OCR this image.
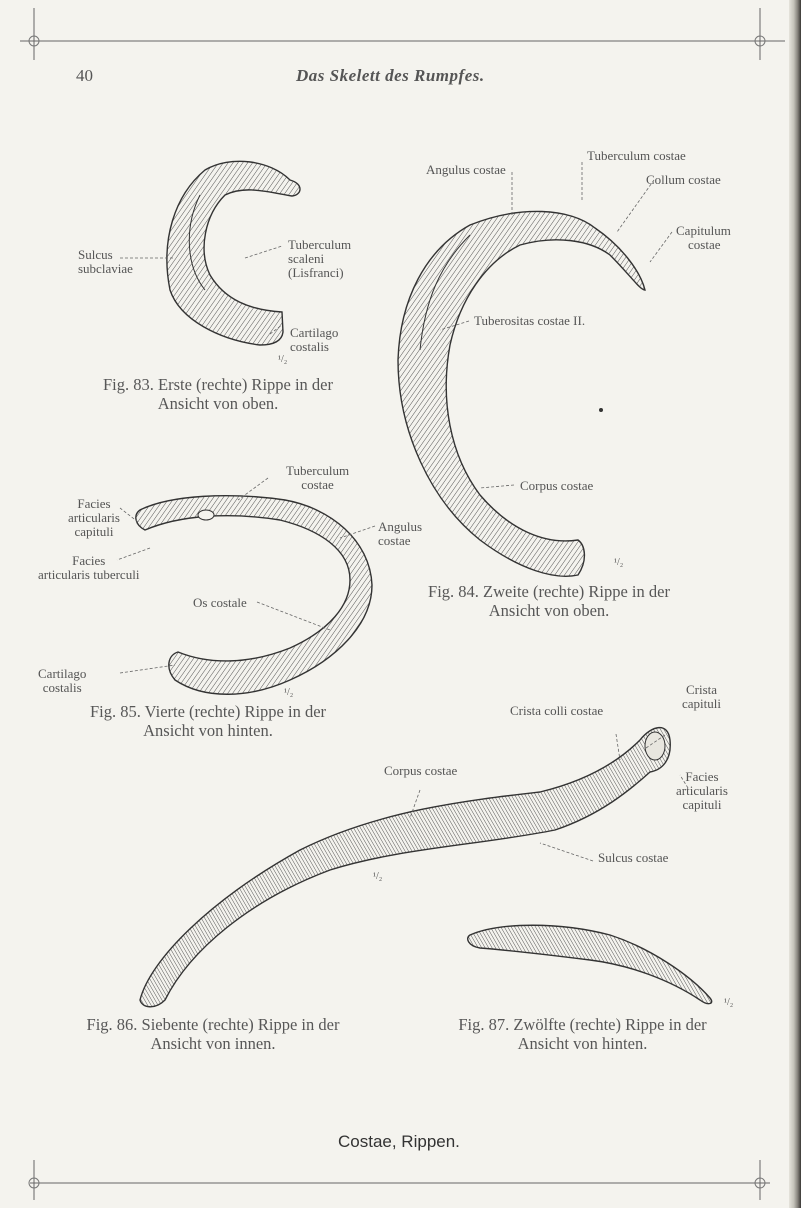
40	Das Skelett des Rumpfes.
Sulcus
subclaviae
Tuberculum
scaleni
(Lisfranci)
Cartilago
costalis
¹/₂
Fig. 83. Erste (rechte) Rippe in der
Ansicht von oben.
Tuberculum costae
Angulus costae
Collum costae
Capitulum
costae
Tuberositas costae II.
Corpus costae
¹/₂
Fig. 84. Zweite (rechte) Rippe in der
Ansicht von oben.
Tuberculum
costae
Facies
articularis
capituli
Facies
articularis tuberculi
Angulus
costae
Os costale
Cartilago
costalis	¹/₂
Fig. 85. Vierte (rechte) Rippe in der
Ansicht von hinten.
Crista colli costae
Crista
capituli
Corpus costae	Facies
articularis
capituli
Sulcus costae
¹/₂
Fig. 86. Siebente (rechte) Rippe in der
Ansicht von innen.
¹/₂
Fig. 87. Zwölfte (rechte) Rippe in der
Ansicht von hinten.
Costae, Rippen.
